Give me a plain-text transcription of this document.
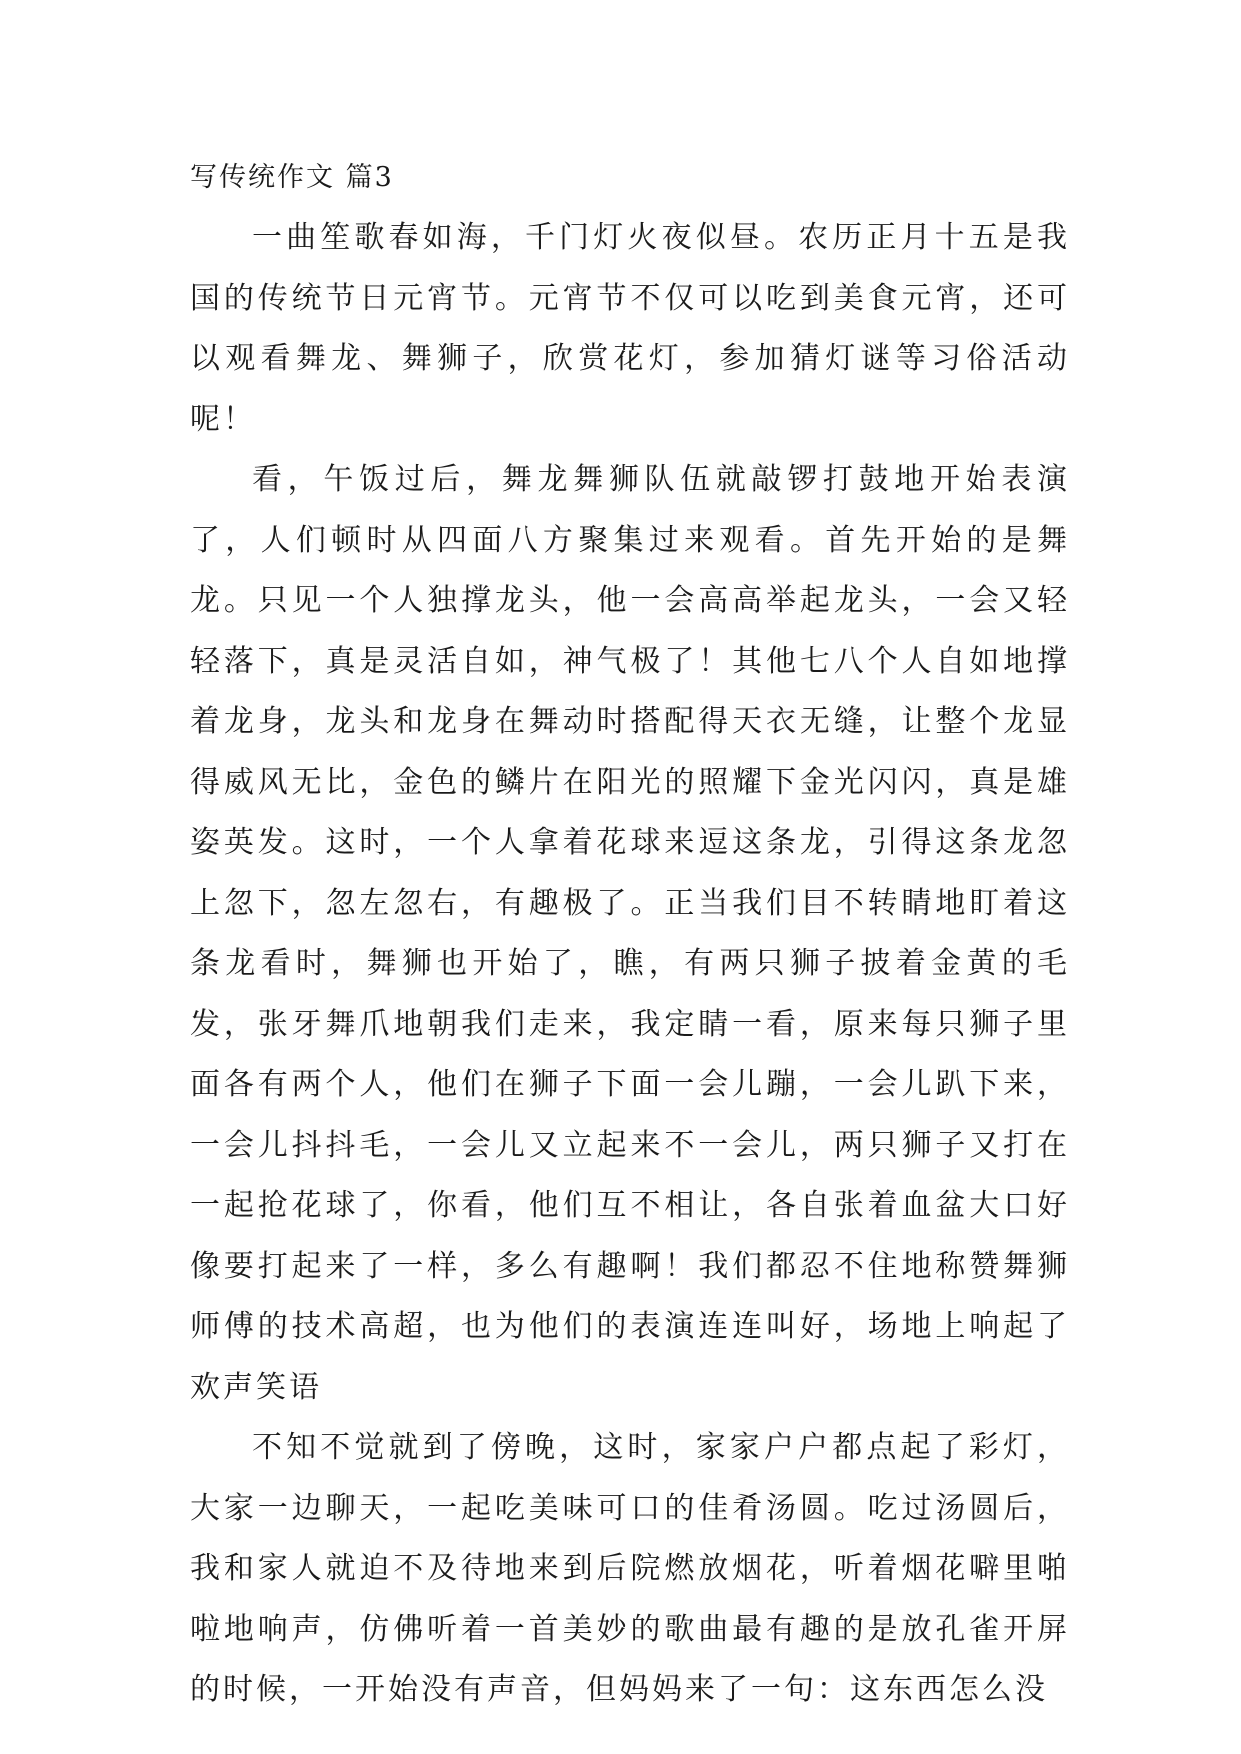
写传统作文 篇3

一曲笙歌春如海，千门灯火夜似昼。农历正月十五是我国的传统节日元宵节。元宵节不仅可以吃到美食元宵，还可以观看舞龙、舞狮子，欣赏花灯，参加猜灯谜等习俗活动呢！

看，午饭过后，舞龙舞狮队伍就敲锣打鼓地开始表演了，人们顿时从四面八方聚集过来观看。首先开始的是舞龙。只见一个人独撑龙头，他一会高高举起龙头，一会又轻轻落下，真是灵活自如，神气极了！其他七八个人自如地撑着龙身，龙头和龙身在舞动时搭配得天衣无缝，让整个龙显得威风无比，金色的鳞片在阳光的照耀下金光闪闪，真是雄姿英发。这时，一个人拿着花球来逗这条龙，引得这条龙忽上忽下，忽左忽右，有趣极了。正当我们目不转睛地盯着这条龙看时，舞狮也开始了，瞧，有两只狮子披着金黄的毛发，张牙舞爪地朝我们走来，我定睛一看，原来每只狮子里面各有两个人，他们在狮子下面一会儿蹦，一会儿趴下来，一会儿抖抖毛，一会儿又立起来不一会儿，两只狮子又打在一起抢花球了，你看，他们互不相让，各自张着血盆大口好像要打起来了一样，多么有趣啊！我们都忍不住地称赞舞狮师傅的技术高超，也为他们的表演连连叫好，场地上响起了欢声笑语

不知不觉就到了傍晚，这时，家家户户都点起了彩灯，大家一边聊天，一起吃美味可口的佳肴汤圆。吃过汤圆后，我和家人就迫不及待地来到后院燃放烟花，听着烟花噼里啪啦地响声，仿佛听着一首美妙的歌曲最有趣的是放孔雀开屏的时候，一开始没有声音，但妈妈来了一句：这东西怎么没
